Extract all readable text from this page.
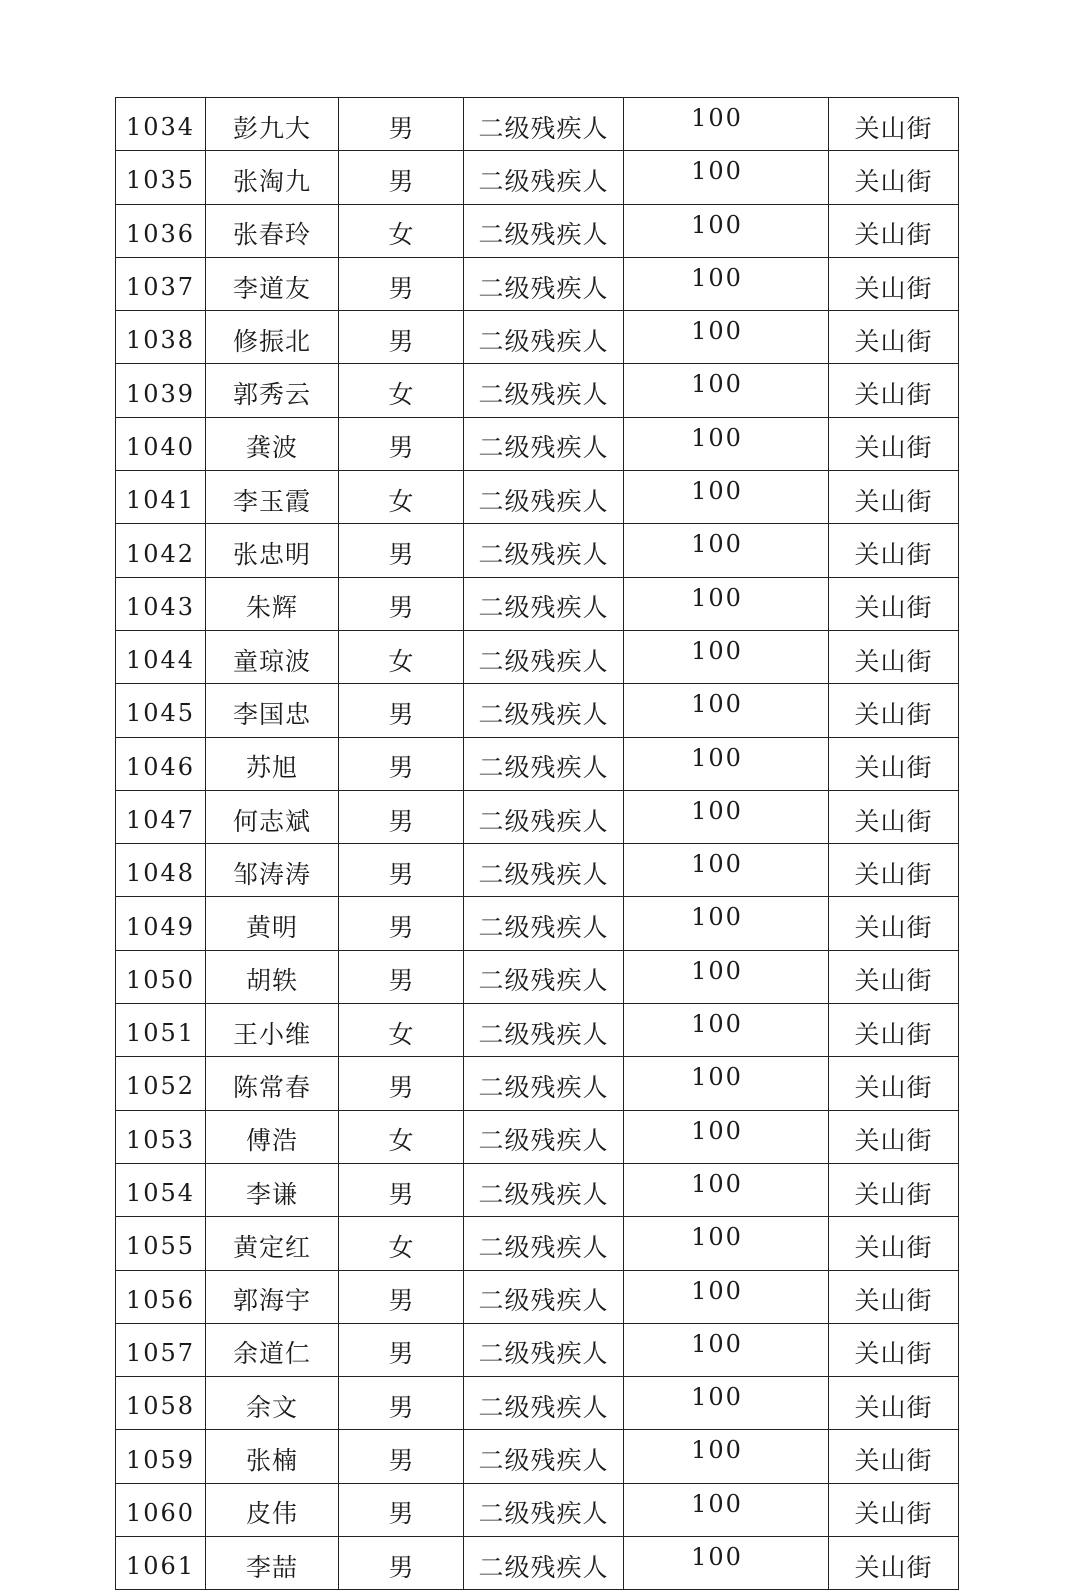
1034	彭九大	男	二级残疾人	100	关山街
1035	张淘九	男	二级残疾人	100	关山街
1036	张春玲	女	二级残疾人	100	关山街
1037	李道友	男	二级残疾人	100	关山街
1038	修振北	男	二级残疾人	100	关山街
1039	郭秀云	女	二级残疾人	100	关山街
1040	龚波	男	二级残疾人	100	关山街
1041	李玉霞	女	二级残疾人	100	关山街
1042	张忠明	男	二级残疾人	100	关山街
1043	朱辉	男	二级残疾人	100	关山街
1044	童琼波	女	二级残疾人	100	关山街
1045	李国忠	男	二级残疾人	100	关山街
1046	苏旭	男	二级残疾人	100	关山街
1047	何志斌	男	二级残疾人	100	关山街
1048	邹涛涛	男	二级残疾人	100	关山街
1049	黄明	男	二级残疾人	100	关山街
1050	胡轶	男	二级残疾人	100	关山街
1051	王小维	女	二级残疾人	100	关山街
1052	陈常春	男	二级残疾人	100	关山街
1053	傅浩	女	二级残疾人	100	关山街
1054	李谦	男	二级残疾人	100	关山街
1055	黄定红	女	二级残疾人	100	关山街
1056	郭海宇	男	二级残疾人	100	关山街
1057	余道仁	男	二级残疾人	100	关山街
1058	余文	男	二级残疾人	100	关山街
1059	张楠	男	二级残疾人	100	关山街
1060	皮伟	男	二级残疾人	100	关山街
1061	李喆	男	二级残疾人	100	关山街
